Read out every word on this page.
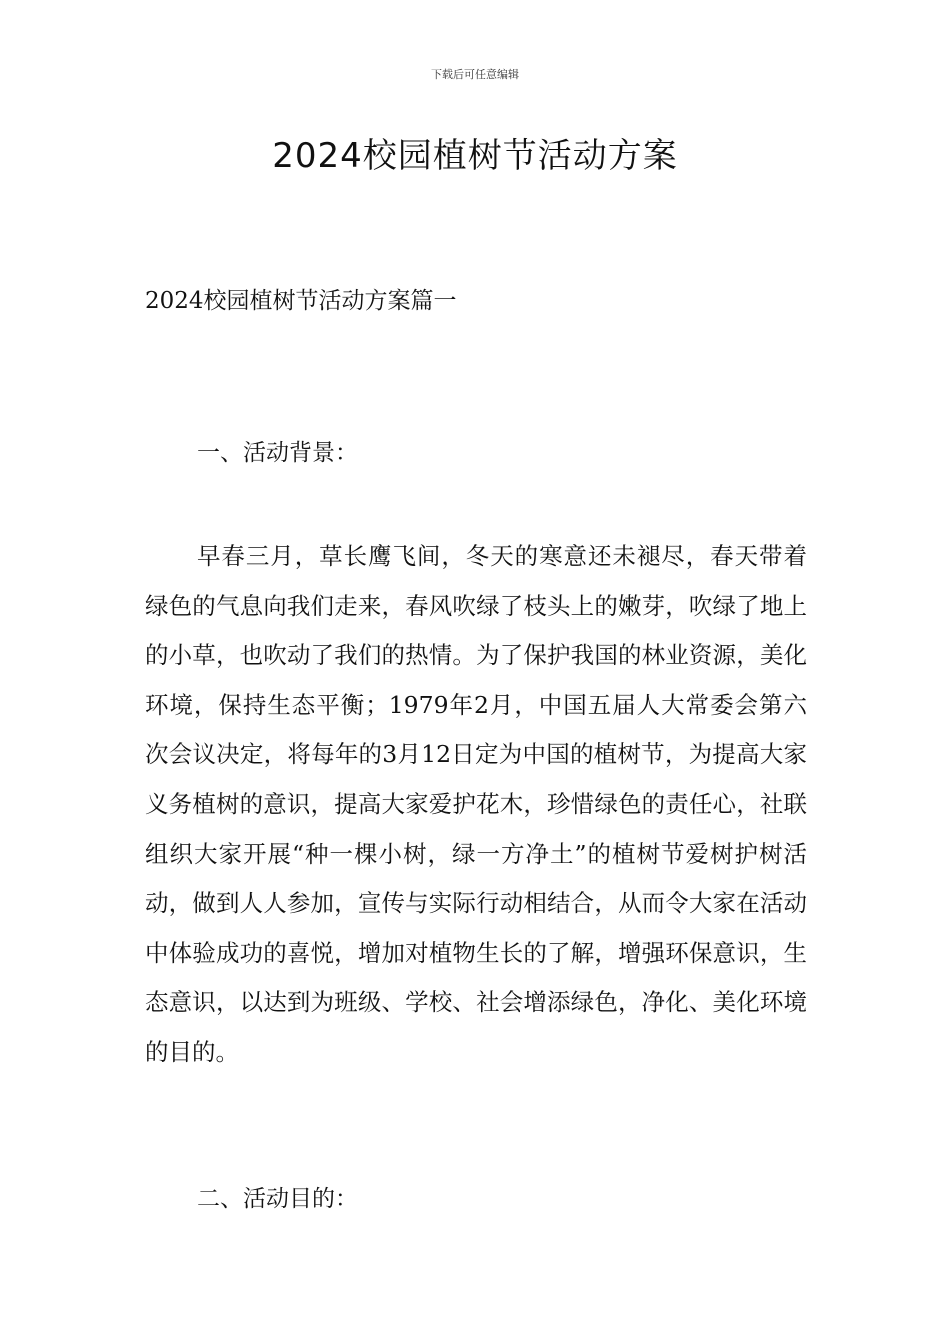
下载后可任意编辑
2024校园植树节活动方案
2024校园植树节活动方案篇一
一、活动背景：

早春三月，草长鹰飞间，冬天的寒意还未褪尽，春天带着绿色的气息向我们走来，春风吹绿了枝头上的嫩芽，吹绿了地上的小草，也吹动了我们的热情。为了保护我国的林业资源，美化环境，保持生态平衡；1979年2月，中国五届人大常委会第六次会议决定，将每年的3月12日定为中国的植树节，为提高大家义务植树的意识，提高大家爱护花木，珍惜绿色的责任心，社联组织大家开展“种一棵小树，绿一方净土”的植树节爱树护树活动，做到人人参加，宣传与实际行动相结合，从而令大家在活动中体验成功的喜悦，增加对植物生长的了解，增强环保意识，生态意识，以达到为班级、学校、社会增添绿色，净化、美化环境的目的。

二、活动目的：
